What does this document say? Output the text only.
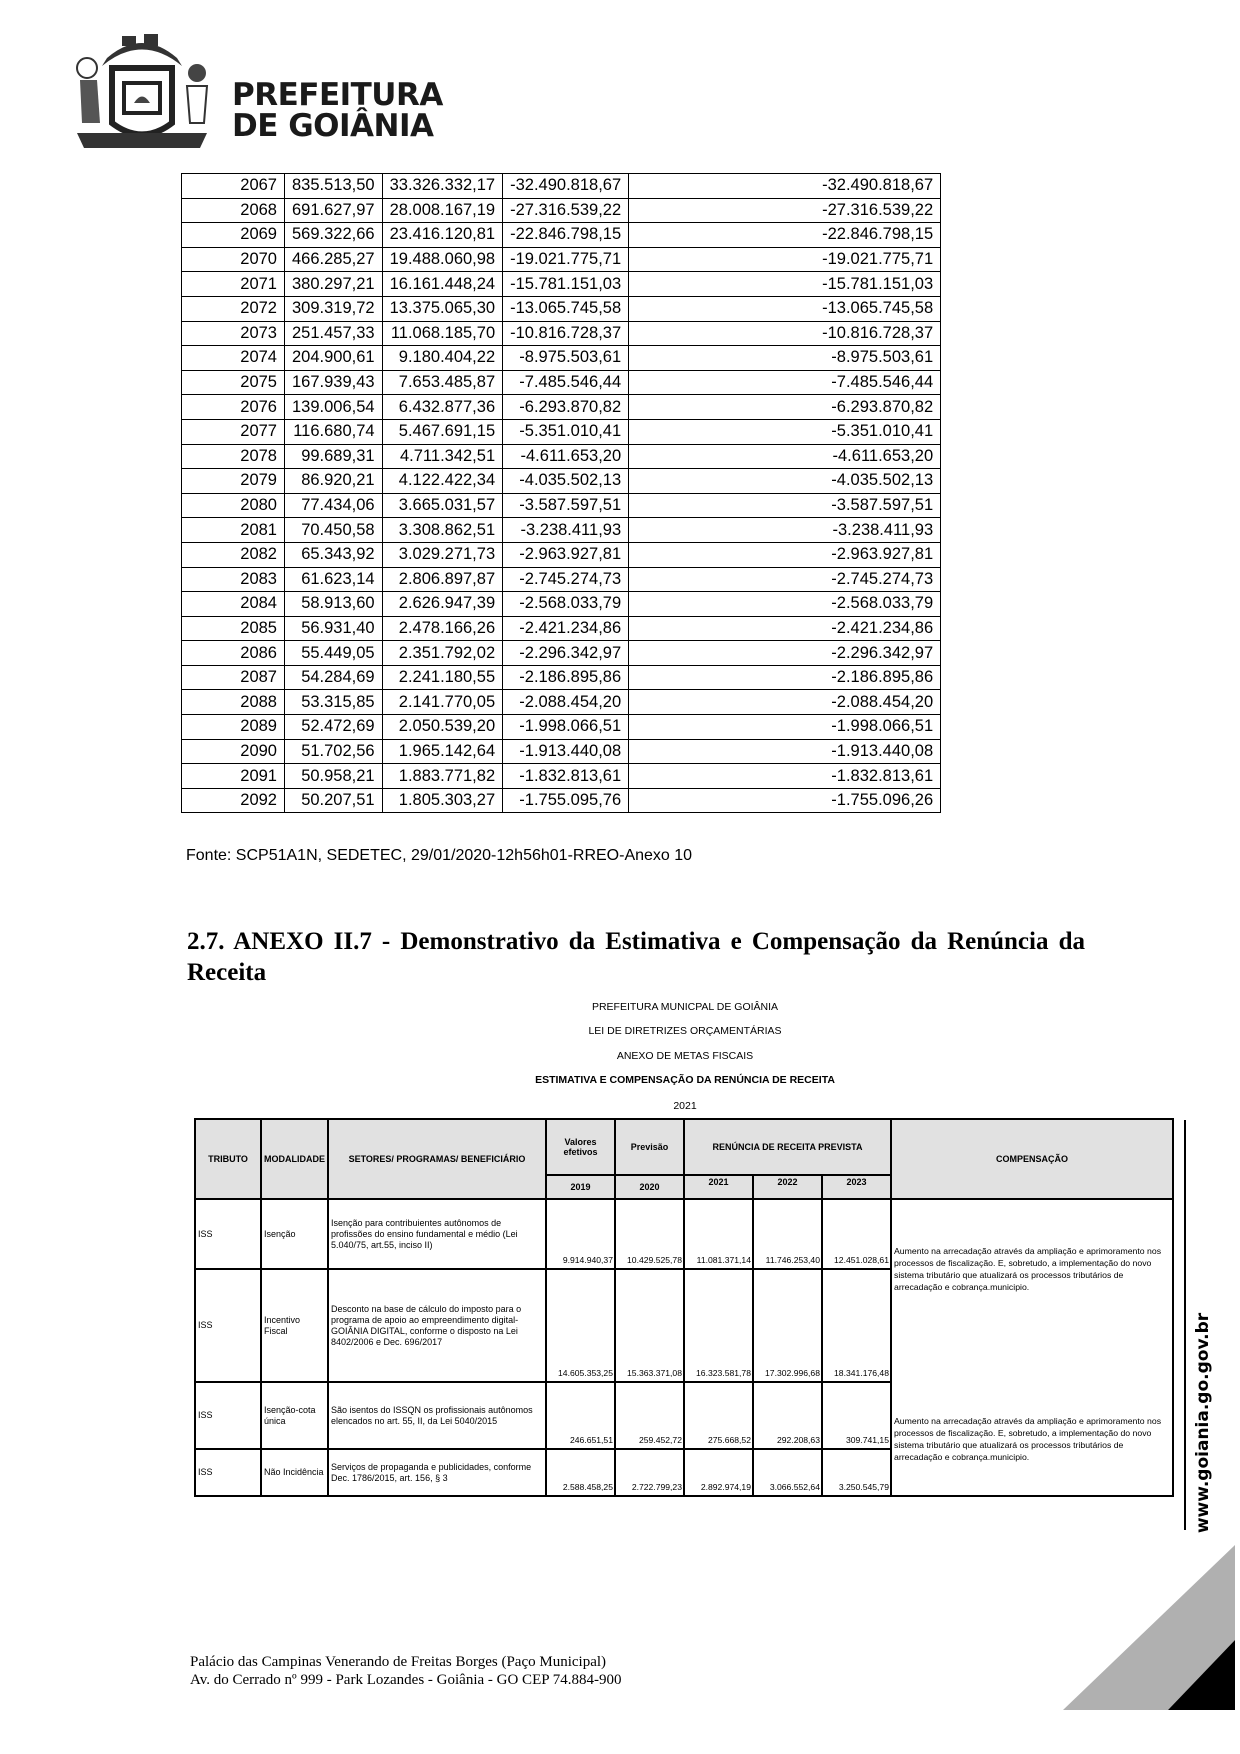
PREFEITURA
DE GOIÂNIA
2067	835.513,50	33.326.332,17	-32.490.818,67	-32.490.818,67
2068	691.627,97	28.008.167,19	-27.316.539,22	-27.316.539,22
2069	569.322,66	23.416.120,81	-22.846.798,15	-22.846.798,15
2070	466.285,27	19.488.060,98	-19.021.775,71	-19.021.775,71
2071	380.297,21	16.161.448,24	-15.781.151,03	-15.781.151,03
2072	309.319,72	13.375.065,30	-13.065.745,58	-13.065.745,58
2073	251.457,33	11.068.185,70	-10.816.728,37	-10.816.728,37
2074	204.900,61	9.180.404,22	-8.975.503,61	-8.975.503,61
2075	167.939,43	7.653.485,87	-7.485.546,44	-7.485.546,44
2076	139.006,54	6.432.877,36	-6.293.870,82	-6.293.870,82
2077	116.680,74	5.467.691,15	-5.351.010,41	-5.351.010,41
2078	99.689,31	4.711.342,51	-4.611.653,20	-4.611.653,20
2079	86.920,21	4.122.422,34	-4.035.502,13	-4.035.502,13
2080	77.434,06	3.665.031,57	-3.587.597,51	-3.587.597,51
2081	70.450,58	3.308.862,51	-3.238.411,93	-3.238.411,93
2082	65.343,92	3.029.271,73	-2.963.927,81	-2.963.927,81
2083	61.623,14	2.806.897,87	-2.745.274,73	-2.745.274,73
2084	58.913,60	2.626.947,39	-2.568.033,79	-2.568.033,79
2085	56.931,40	2.478.166,26	-2.421.234,86	-2.421.234,86
2086	55.449,05	2.351.792,02	-2.296.342,97	-2.296.342,97
2087	54.284,69	2.241.180,55	-2.186.895,86	-2.186.895,86
2088	53.315,85	2.141.770,05	-2.088.454,20	-2.088.454,20
2089	52.472,69	2.050.539,20	-1.998.066,51	-1.998.066,51
2090	51.702,56	1.965.142,64	-1.913.440,08	-1.913.440,08
2091	50.958,21	1.883.771,82	-1.832.813,61	-1.832.813,61
2092	50.207,51	1.805.303,27	-1.755.095,76	-1.755.096,26
Fonte: SCP51A1N, SEDETEC, 29/01/2020-12h56h01-RREO-Anexo 10
2.7. ANEXO II.7 - Demonstrativo da Estimativa e Compensação da Renúncia da Receita
PREFEITURA MUNICPAL DE GOIÂNIA
LEI DE DIRETRIZES ORÇAMENTÁRIAS
ANEXO DE METAS FISCAIS
ESTIMATIVA E COMPENSAÇÃO DA RENÚNCIA DE RECEITA
2021
TRIBUTO	MODALIDADE	SETORES/ PROGRAMAS/ BENEFICIÁRIO	Valores efetivos	Previsão	RENÚNCIA DE RECEITA PREVISTA			COMPENSAÇÃO
			2019	2020	2021	2022	2023	
ISS	Isenção	Isenção para contribuientes autônomos de profissões do ensino fundamental e médio (Lei 5.040/75, art.55, inciso II)	9.914.940,37	10.429.525,78	11.081.371,14	11.746.253,40	12.451.028,61	Aumento na arrecadação através da ampliação e aprimoramento nos processos de fiscalização. E, sobretudo, a implementação do novo sistema tributário que atualizará os processos tributários de arrecadação e cobrança.municipio.
ISS	Incentivo Fiscal	Desconto na base de cálculo do imposto para o programa de apoio ao empreendimento digital-GOIÂNIA DIGITAL, conforme o disposto na Lei 8402/2006 e Dec. 696/2017	14.605.353,25	15.363.371,08	16.323.581,78	17.302.996,68	18.341.176,48	
ISS	Isenção-cota única	São isentos do ISSQN os profissionais autônomos elencados no art. 55, II, da Lei 5040/2015	246.651,51	259.452,72	275.668,52	292.208,63	309.741,15	Aumento na arrecadação através da ampliação e aprimoramento nos processos de fiscalização. E, sobretudo, a implementação do novo sistema tributário que atualizará os processos tributários de arrecadação e cobrança.municipio.
ISS	Não Incidência	Serviços de propaganda e publicidades, conforme Dec. 1786/2015, art. 156, § 3	2.588.458,25	2.722.799,23	2.892.974,19	3.066.552,64	3.250.545,79		www.goiania.go.gov.br
Palácio das Campinas Venerando de Freitas Borges (Paço Municipal)
Av. do Cerrado nº 999 - Park Lozandes - Goiânia - GO CEP 74.884-900
